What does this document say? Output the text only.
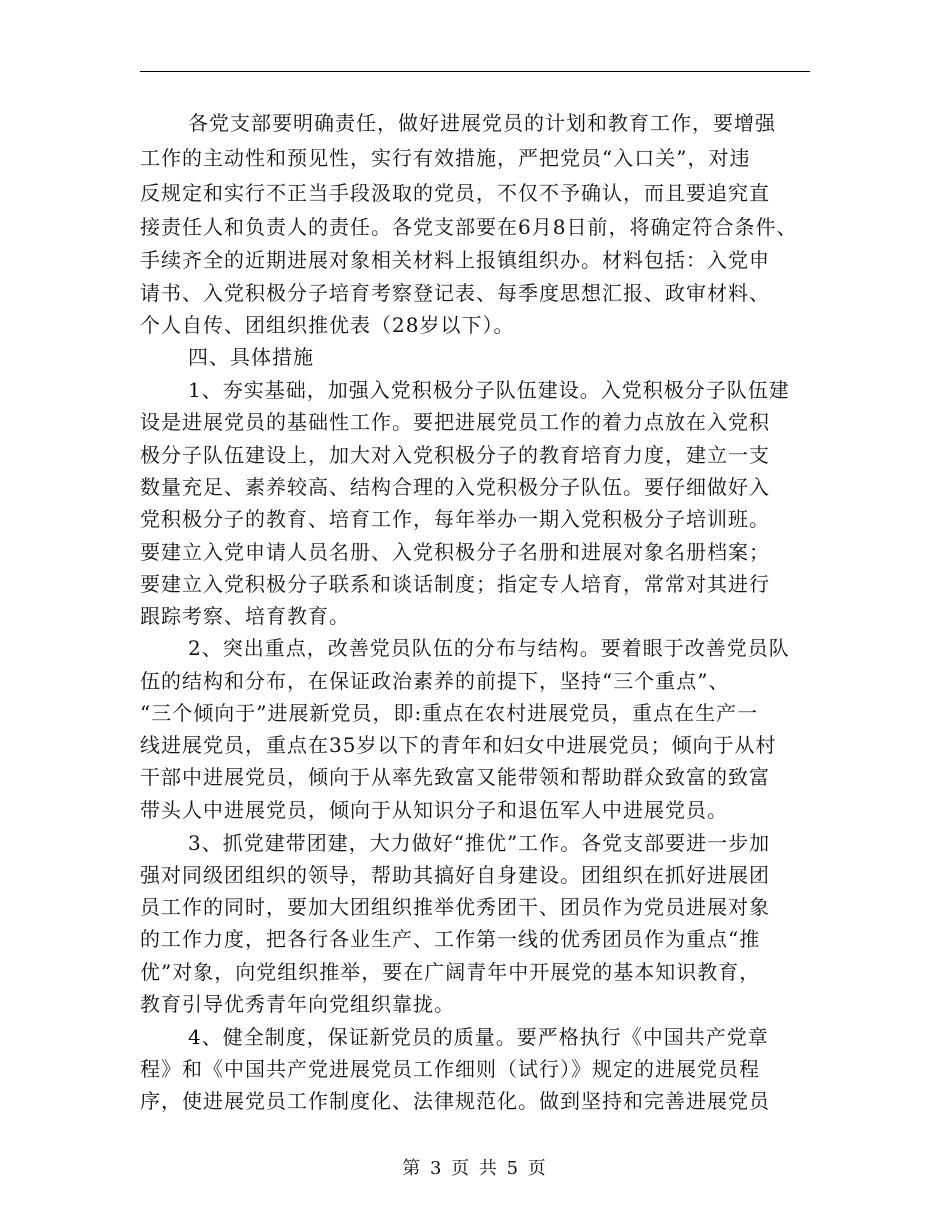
各党支部要明确责任，做好进展党员的计划和教育工作，要增强
工作的主动性和预见性，实行有效措施，严把党员“入口关”，对违
反规定和实行不正当手段汲取的党员，不仅不予确认，而且要追究直
接责任人和负责人的责任。各党支部要在6月8日前，将确定符合条件、
手续齐全的近期进展对象相关材料上报镇组织办。材料包括：入党申
请书、入党积极分子培育考察登记表、每季度思想汇报、政审材料、
个人自传、团组织推优表（28岁以下）。
四、具体措施
1、夯实基础，加强入党积极分子队伍建设。入党积极分子队伍建
设是进展党员的基础性工作。要把进展党员工作的着力点放在入党积
极分子队伍建设上，加大对入党积极分子的教育培育力度，建立一支
数量充足、素养较高、结构合理的入党积极分子队伍。要仔细做好入
党积极分子的教育、培育工作，每年举办一期入党积极分子培训班。
要建立入党申请人员名册、入党积极分子名册和进展对象名册档案；
要建立入党积极分子联系和谈话制度；指定专人培育，常常对其进行
跟踪考察、培育教育。
2、突出重点，改善党员队伍的分布与结构。要着眼于改善党员队
伍的结构和分布，在保证政治素养的前提下，坚持“三个重点”、
“三个倾向于”进展新党员，即:重点在农村进展党员，重点在生产一
线进展党员，重点在35岁以下的青年和妇女中进展党员；倾向于从村
干部中进展党员，倾向于从率先致富又能带领和帮助群众致富的致富
带头人中进展党员，倾向于从知识分子和退伍军人中进展党员。
3、抓党建带团建，大力做好“推优”工作。各党支部要进一步加
强对同级团组织的领导，帮助其搞好自身建设。团组织在抓好进展团
员工作的同时，要加大团组织推举优秀团干、团员作为党员进展对象
的工作力度，把各行各业生产、工作第一线的优秀团员作为重点“推
优”对象，向党组织推举，要在广阔青年中开展党的基本知识教育，
教育引导优秀青年向党组织靠拢。
4、健全制度，保证新党员的质量。要严格执行《中国共产党章
程》和《中国共产党进展党员工作细则（试行）》规定的进展党员程
序，使进展党员工作制度化、法律规范化。做到坚持和完善进展党员
第 3 页 共 5 页
